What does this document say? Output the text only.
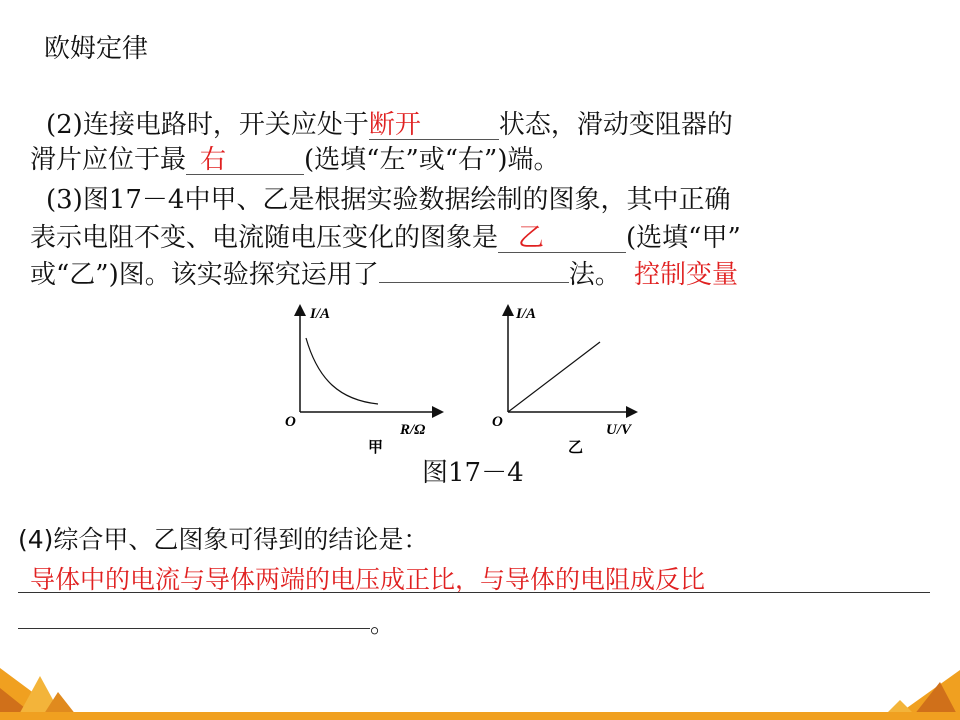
欧姆定律
(2)连接电路时，开关应处于断开	状态，滑动变阻器的
滑片应位于最 右	(选填“左”或“右”)端。
(3)图17－4中甲、乙是根据实验数据绘制的图象，其中正确
表示电阻不变、电流随电压变化的图象是 乙	(选填“甲”
或“乙”)图。该实验探究运用了	法。 控制变量
I/A
O	R/Ω
甲
I/A
O	U/V
乙
图17－4
(4)综合甲、乙图象可得到的结论是：
导体中的电流与导体两端的电压成正比，与导体的电阻成反比
。
